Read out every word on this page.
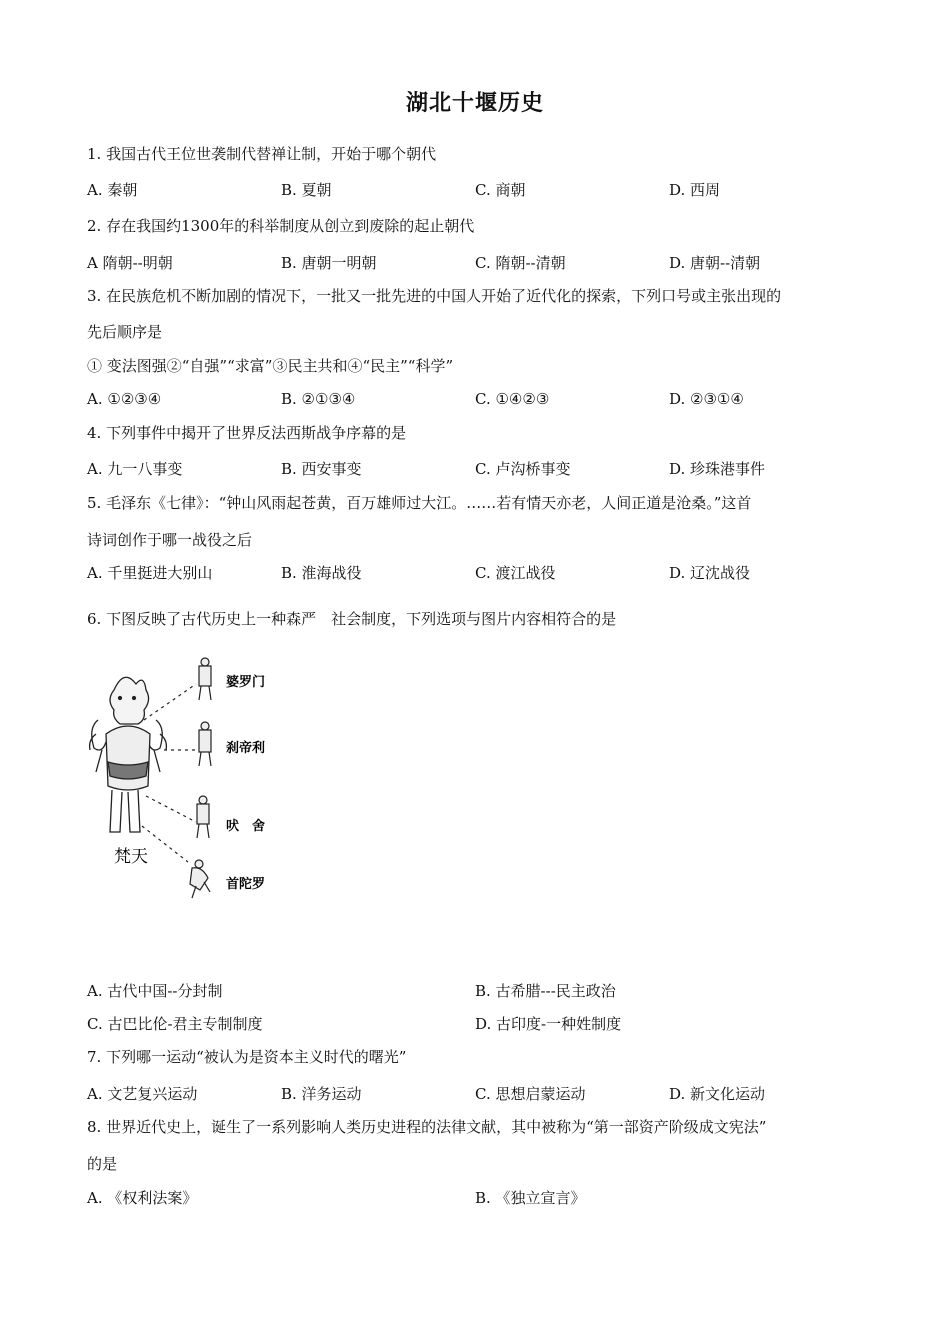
湖北十堰历史
1. 我国古代王位世袭制代替禅让制，开始于哪个朝代
A. 秦朝	B. 夏朝	C. 商朝	D. 西周
2. 存在我国约1300年的科举制度从创立到废除的起止朝代
A 隋朝--明朝	B. 唐朝一明朝	C. 隋朝--清朝	D. 唐朝--清朝
3. 在民族危机不断加剧的情况下，一批又一批先进的中国人开始了近代化的探索，下列口号或主张出现的
先后顺序是
① 变法图强②“自强”“求富”③民主共和④“民主”“科学”
A. ①②③④	B. ②①③④	C. ①④②③	D. ②③①④
4. 下列事件中揭开了世界反法西斯战争序幕的是
A. 九一八事变	B. 西安事变	C. 卢沟桥事变	D. 珍珠港事件
5. 毛泽东《七律》：“钟山风雨起苍黄，百万雄师过大江。……若有情天亦老，人间正道是沧桑。”这首
诗词创作于哪一战役之后
A. 千里挺进大别山	B. 淮海战役	C. 渡江战役	D. 辽沈战役
6. 下图反映了古代历史上一种森严　社会制度，下列选项与图片内容相符合的是
婆罗门
刹帝利
吠　舍
首陀罗
梵天
A. 古代中国--分封制	B. 古希腊---民主政治
C. 古巴比伦-君主专制制度	D. 古印度-一种姓制度
7. 下列哪一运动“被认为是资本主义时代的曙光”
A. 文艺复兴运动	B. 洋务运动	C. 思想启蒙运动	D. 新文化运动
8. 世界近代史上，诞生了一系列影响人类历史进程的法律文献，其中被称为“第一部资产阶级成文宪法”
的是
A. 《权利法案》	B. 《独立宣言》
